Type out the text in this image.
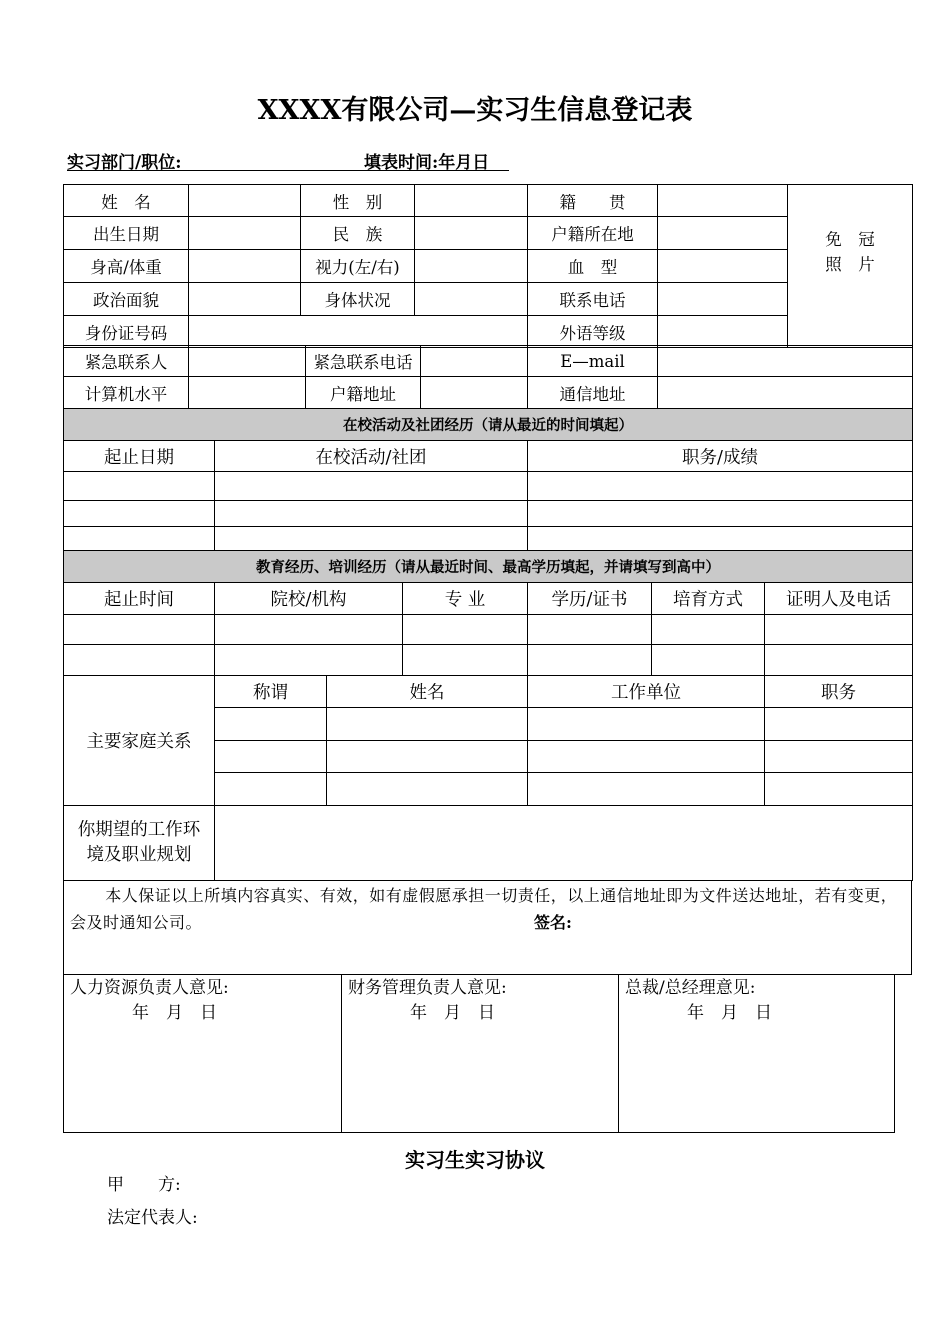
XXXX有限公司—实习生信息登记表
实习部门/职位:	填表时间:年月日
姓　名		性　别		籍　　贯		免　冠
照　片

出生日期		民　族		户籍所在地		
身高/体重		视力(左/右)		血　型		
政治面貌		身体状况		联系电话		
身份证号码				外语等级		
紧急联系人		紧急联系电话		E—mail	
计算机水平		户籍地址		通信地址	
在校活动及社团经历（请从最近的时间填起）		
起止日期	在校活动/社团	职务/成绩

教育经历、培训经历（请从最近时间、最高学历填起，并请填写到高中）					
起止时间	院校/机构	专 业	学历/证书	培育方式	证明人及电话

主要家庭关系	称谓	姓名	工作单位	职务

你期望的工作环境及职业规划				
本人保证以上所填内容真实、有效，如有虚假愿承担一切责任，以上通信地址即为文件送达地址，若有变更，会及时通知公司。	签名:
人力资源负责人意见:
年　月　日
财务管理负责人意见:
年　月　日
总裁/总经理意见:
年　月　日
实习生实习协议
甲　　方:
法定代表人:
